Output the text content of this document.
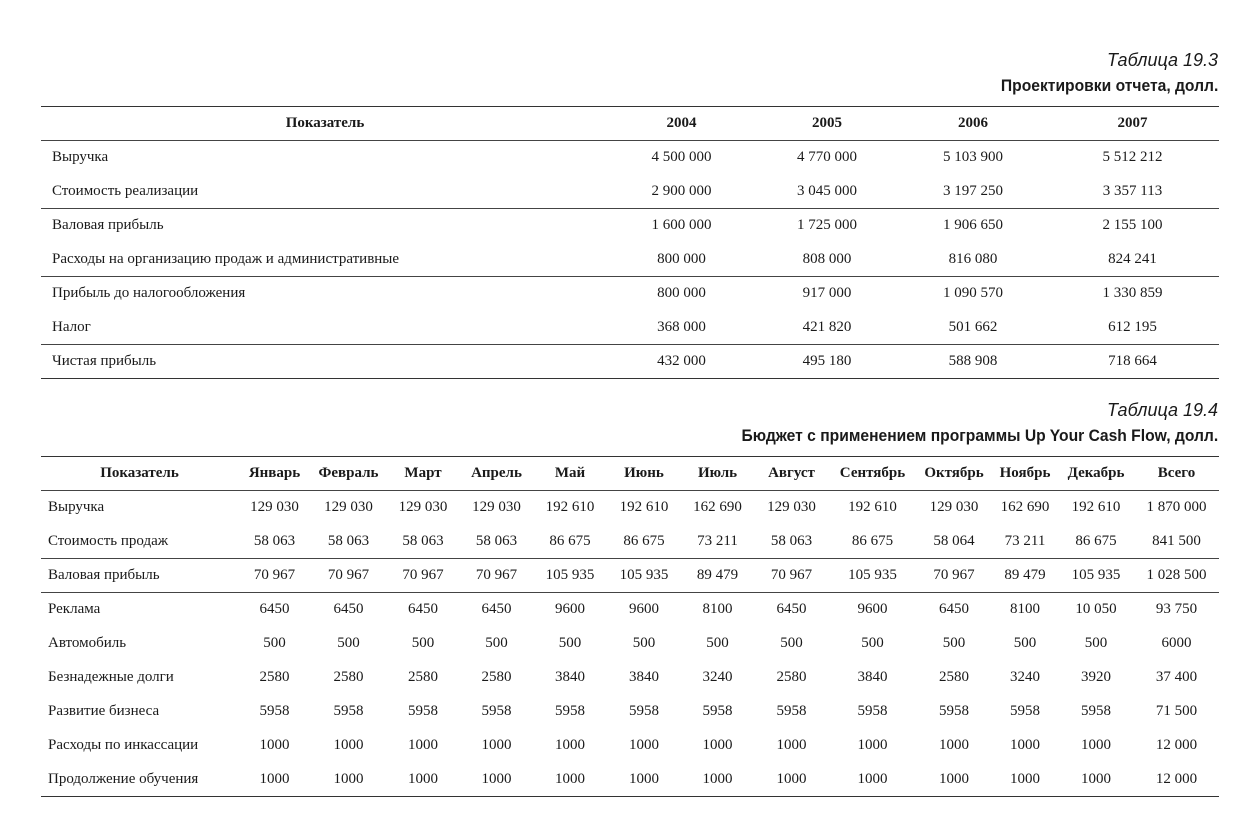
Таблица 19.3
Проектировки отчета, долл.
Показатель	2004	2005	2006	2007
Выручка	4 500 000	4 770 000	5 103 900	5 512 212
Стоимость реализации	2 900 000	3 045 000	3 197 250	3 357 113
Валовая прибыль	1 600 000	1 725 000	1 906 650	2 155 100
Расходы на организацию продаж и административные	800 000	808 000	816 080	824 241
Прибыль до налогообложения	800 000	917 000	1 090 570	1 330 859
Налог	368 000	421 820	501 662	612 195
Чистая прибыль	432 000	495 180	588 908	718 664
Таблица 19.4
Бюджет с применением программы Up Your Cash Flow, долл.
Показатель	Январь	Февраль	Март	Апрель	Май	Июнь	Июль	Август	Сентябрь	Октябрь	Ноябрь	Декабрь	Всего
Выручка	129 030	129 030	129 030	129 030	192 610	192 610	162 690	129 030	192 610	129 030	162 690	192 610	1 870 000
Стоимость продаж	58 063	58 063	58 063	58 063	86 675	86 675	73 211	58 063	86 675	58 064	73 211	86 675	841 500
Валовая прибыль	70 967	70 967	70 967	70 967	105 935	105 935	89 479	70 967	105 935	70 967	89 479	105 935	1 028 500
Реклама	6450	6450	6450	6450	9600	9600	8100	6450	9600	6450	8100	10 050	93 750
Автомобиль	500	500	500	500	500	500	500	500	500	500	500	500	6000
Безнадежные долги	2580	2580	2580	2580	3840	3840	3240	2580	3840	2580	3240	3920	37 400
Развитие бизнеса	5958	5958	5958	5958	5958	5958	5958	5958	5958	5958	5958	5958	71 500
Расходы по инкассации	1000	1000	1000	1000	1000	1000	1000	1000	1000	1000	1000	1000	12 000
Продолжение обучения	1000	1000	1000	1000	1000	1000	1000	1000	1000	1000	1000	1000	12 000
